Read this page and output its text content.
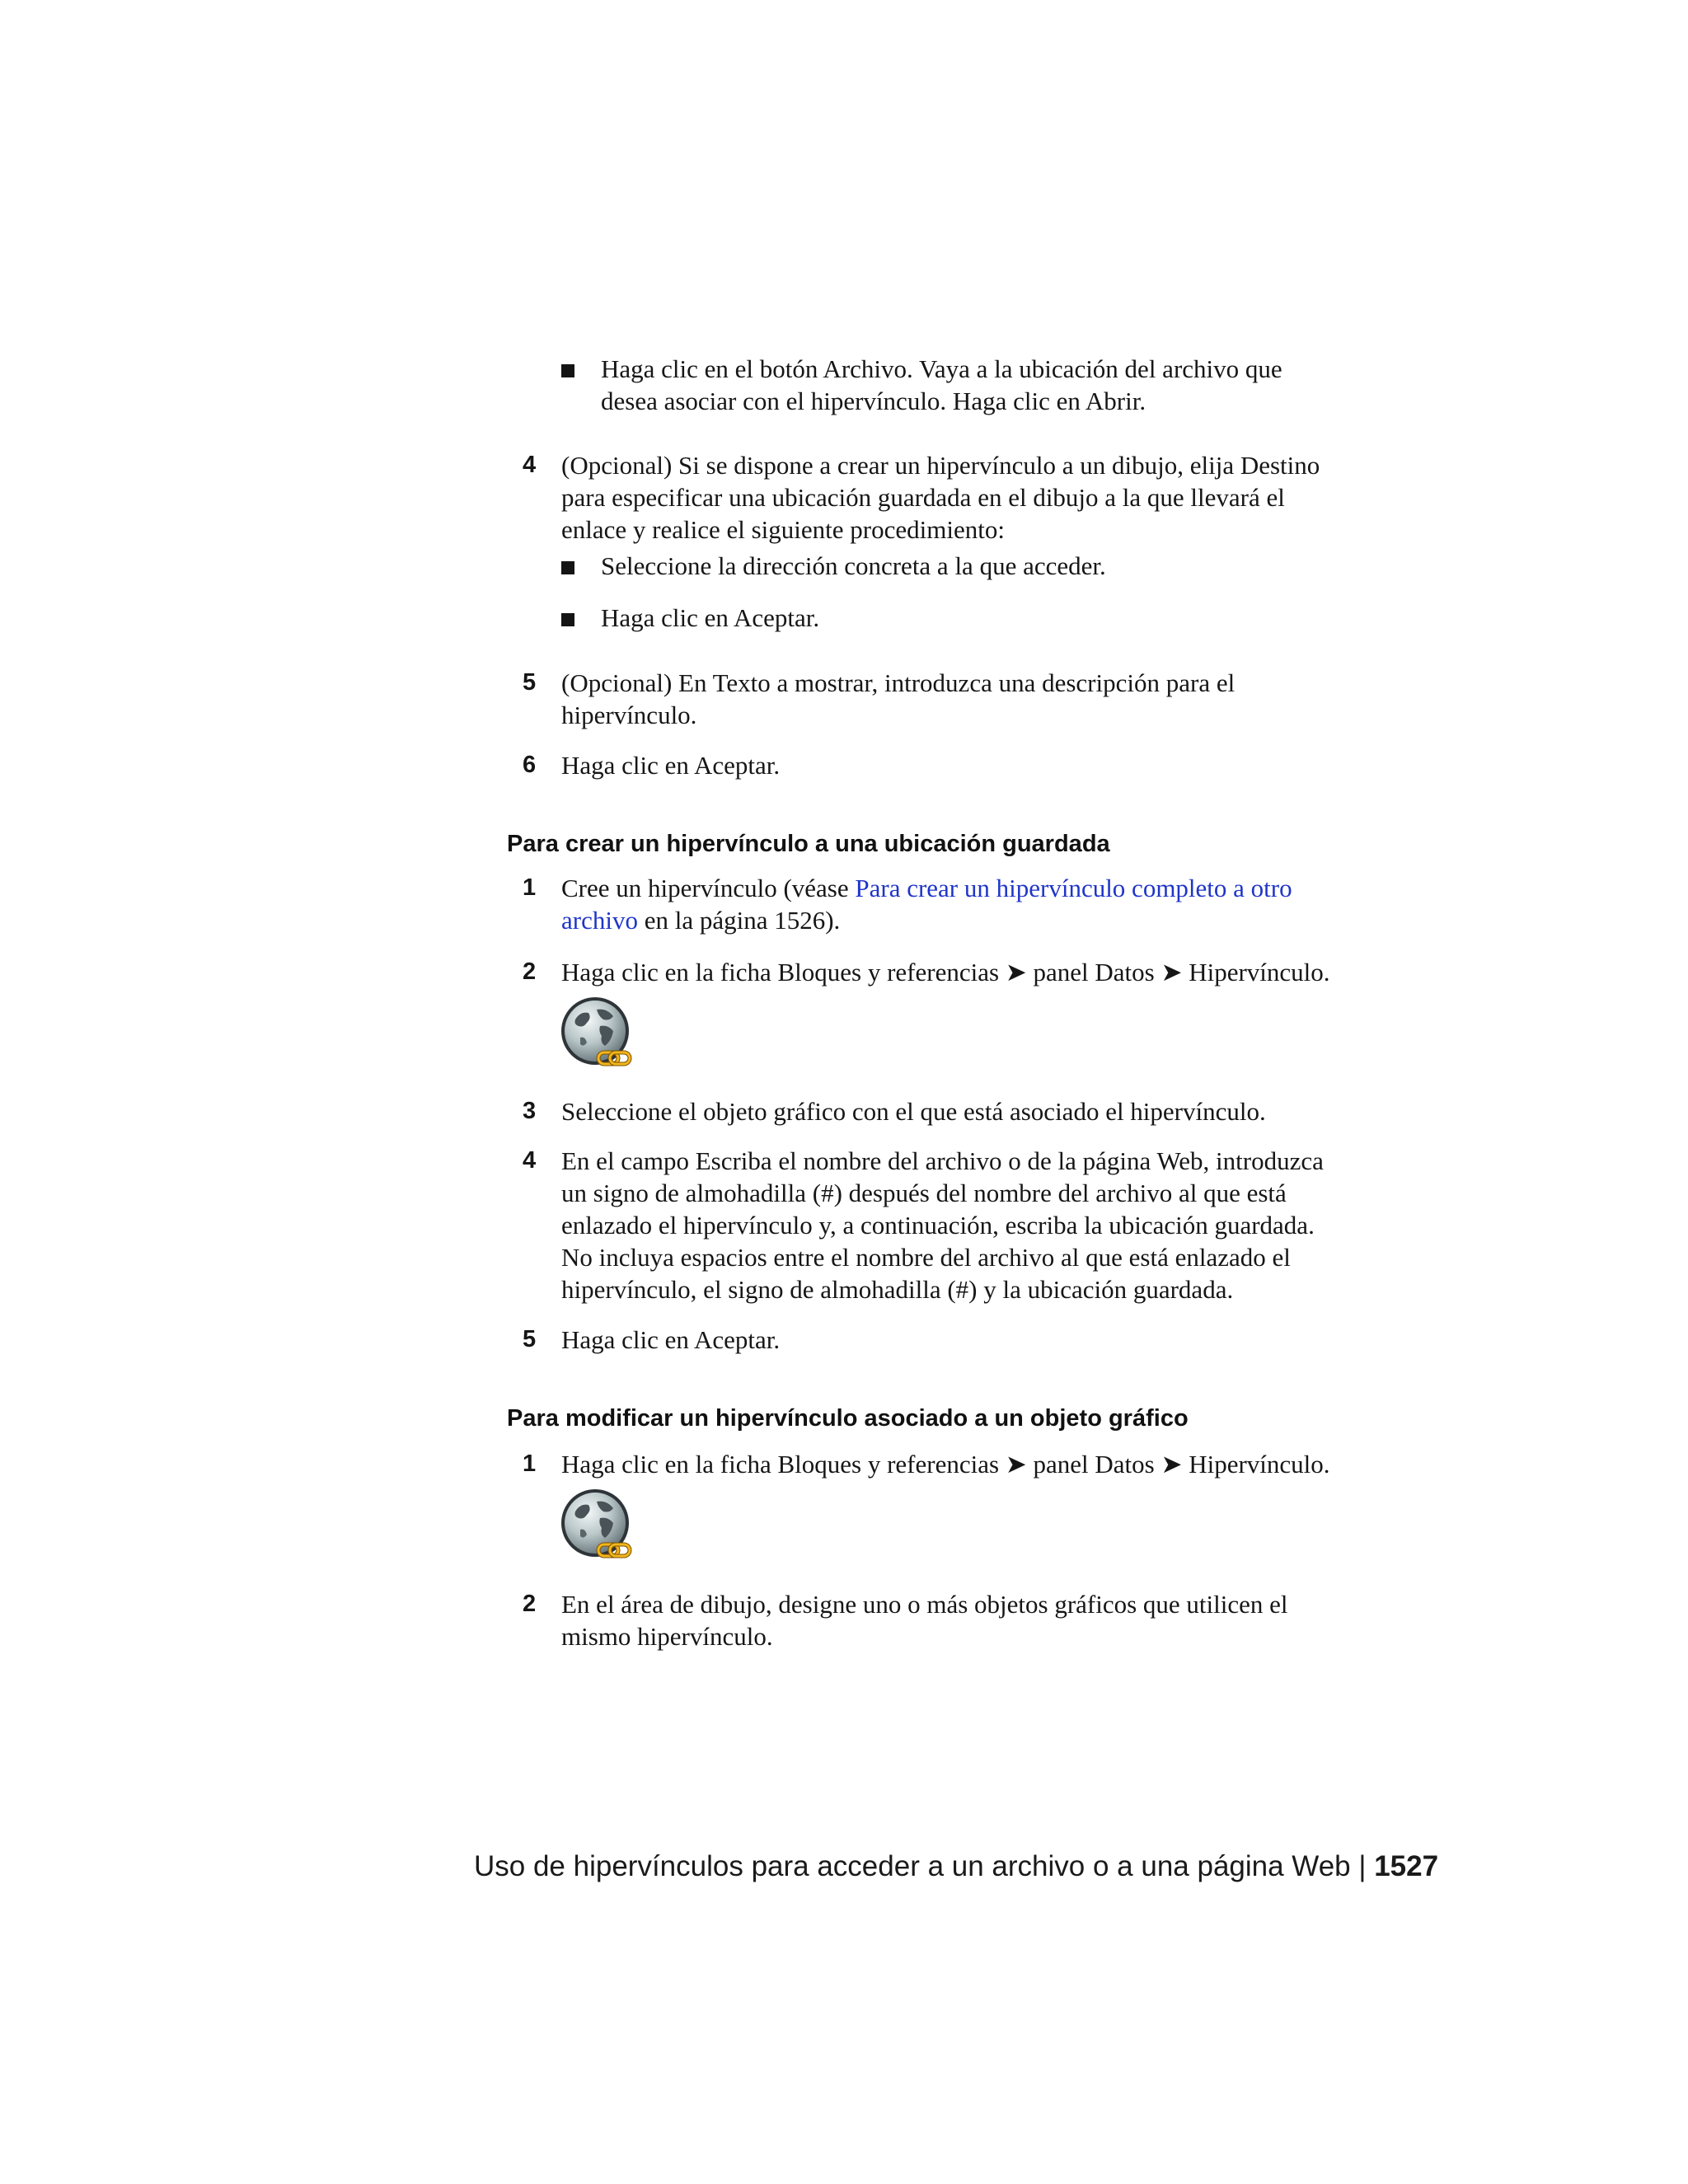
Haga clic en el botón Archivo. Vaya a la ubicación del archivo que
desea asociar con el hipervínculo. Haga clic en Abrir.
4 (Opcional) Si se dispone a crear un hipervínculo a un dibujo, elija Destino
para especificar una ubicación guardada en el dibujo a la que llevará el
enlace y realice el siguiente procedimiento:
Seleccione la dirección concreta a la que acceder.
Haga clic en Aceptar.
5 (Opcional) En Texto a mostrar, introduzca una descripción para el
hipervínculo.
6 Haga clic en Aceptar.
Para crear un hipervínculo a una ubicación guardada
1 Cree un hipervínculo (véase Para crear un hipervínculo completo a otro
archivo en la página 1526).
2 Haga clic en la ficha Bloques y referencias ➤ panel Datos ➤ Hipervínculo.
3 Seleccione el objeto gráfico con el que está asociado el hipervínculo.
4 En el campo Escriba el nombre del archivo o de la página Web, introduzca
un signo de almohadilla (#) después del nombre del archivo al que está
enlazado el hipervínculo y, a continuación, escriba la ubicación guardada.
No incluya espacios entre el nombre del archivo al que está enlazado el
hipervínculo, el signo de almohadilla (#) y la ubicación guardada.
5 Haga clic en Aceptar.
Para modificar un hipervínculo asociado a un objeto gráfico
1 Haga clic en la ficha Bloques y referencias ➤ panel Datos ➤ Hipervínculo.
2 En el área de dibujo, designe uno o más objetos gráficos que utilicen el
mismo hipervínculo.
Uso de hipervínculos para acceder a un archivo o a una página Web | 1527
